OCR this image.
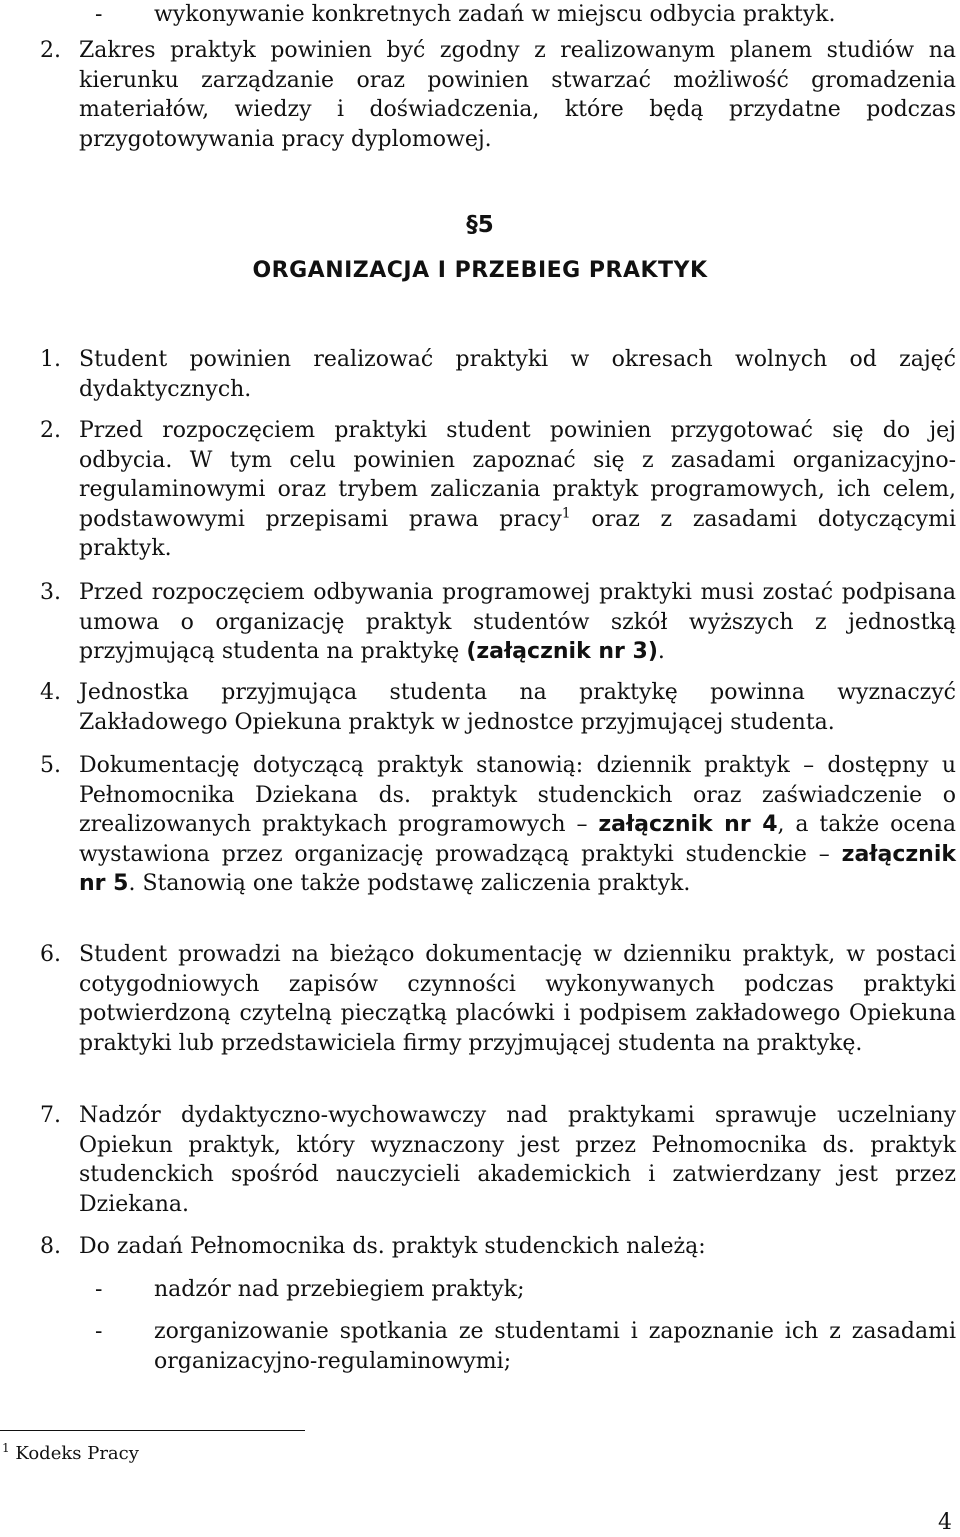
- wykonywanie konkretnych zadań w miejscu odbycia praktyk.
2. Zakres praktyk powinien być zgodny z realizowanym planem studiów na kierunku zarządzanie oraz powinien stwarzać możliwość gromadzenia materiałów, wiedzy i doświadczenia, które będą przydatne podczas przygotowywania pracy dyplomowej.
§5
ORGANIZACJA I PRZEBIEG PRAKTYK
1. Student powinien realizować praktyki w okresach wolnych od zajęć dydaktycznych.
2. Przed rozpoczęciem praktyki student powinien przygotować się do jej odbycia. W tym celu powinien zapoznać się z zasadami organizacyjno-regulaminowymi oraz trybem zaliczania praktyk programowych, ich celem, podstawowymi przepisami prawa pracy$^1$ oraz z zasadami dotyczącymi praktyk.
3. Przed rozpoczęciem odbywania programowej praktyki musi zostać podpisana umowa o organizację praktyk studentów szkół wyższych z jednostką przyjmującą studenta na praktykę (załącznik nr 3).
4. Jednostka przyjmująca studenta na praktykę powinna wyznaczyć Zakładowego Opiekuna praktyk w jednostce przyjmującej studenta.
5. Dokumentację dotyczącą praktyk stanowią: dziennik praktyk – dostępny u Pełnomocnika Dziekana ds. praktyk studenckich oraz zaświadczenie o zrealizowanych praktykach programowych – załącznik nr 4, a także ocena wystawiona przez organizację prowadzącą praktyki studenckie – załącznik nr 5. Stanowią one także podstawę zaliczenia praktyk.
6. Student prowadzi na bieżąco dokumentację w dzienniku praktyk, w postaci cotygodniowych zapisów czynności wykonywanych podczas praktyki potwierdzoną czytelną pieczątką placówki i podpisem zakładowego Opiekuna praktyki lub przedstawiciela firmy przyjmującej studenta na praktykę.
7. Nadzór dydaktyczno-wychowawczy nad praktykami sprawuje uczelniany Opiekun praktyk, który wyznaczony jest przez Pełnomocnika ds. praktyk studenckich spośród nauczycieli akademickich i zatwierdzany jest przez Dziekana.
8. Do zadań Pełnomocnika ds. praktyk studenckich należą:
- nadzór nad przebiegiem praktyk;
- zorganizowanie spotkania ze studentami i zapoznanie ich z zasadami organizacyjno-regulaminowymi;
$^1$ Kodeks Pracy
4
